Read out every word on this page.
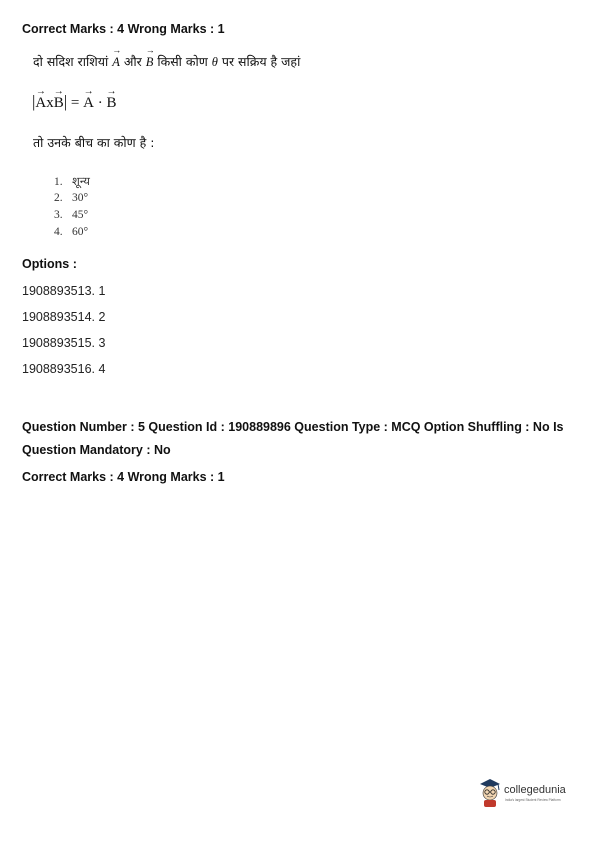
Correct Marks : 4 Wrong Marks : 1
दो सदिश राशियां
→
A और
→
B किसी कोण θ पर सक्रिय है जहां
|
→
Ax
→
B| =
→
A ·
→
B
तो उनके बीच का कोण है :
1. शून्य
2. 30°
3. 45°
4. 60°
Options :
1908893513. 1
1908893514. 2
1908893515. 3
1908893516. 4
Question Number : 5 Question Id : 190889896 Question Type : MCQ Option Shuffling : No Is
Question Mandatory : No
Correct Marks : 4 Wrong Marks : 1
collegedunia
India's largest Student Review Platform
